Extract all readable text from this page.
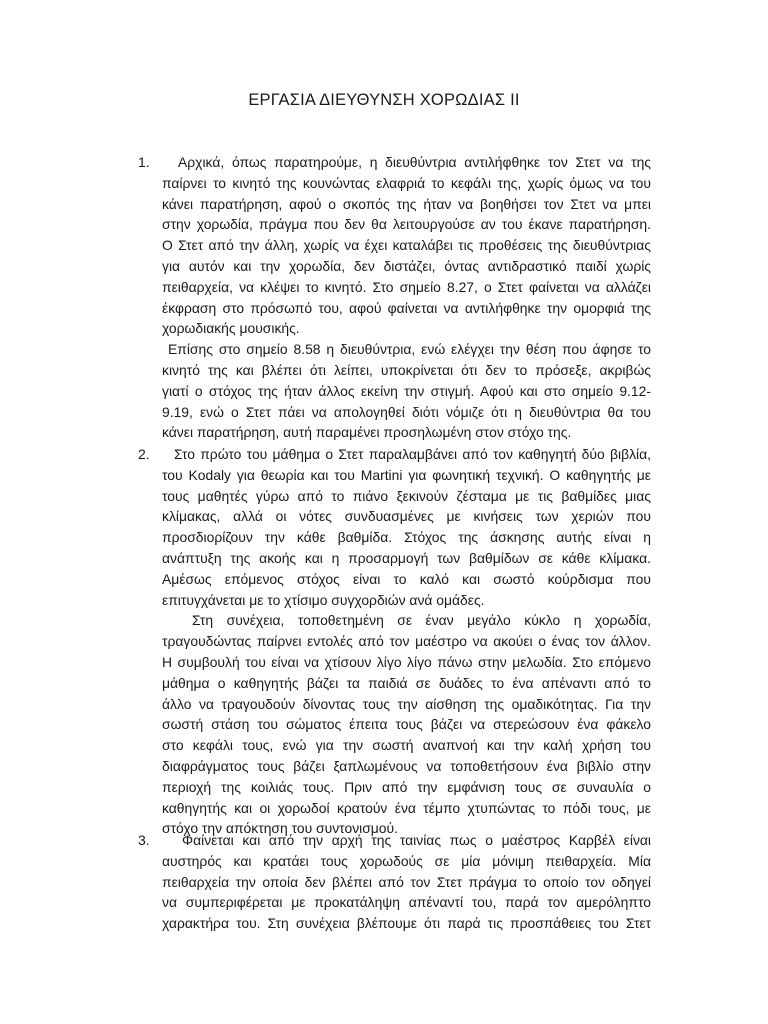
ΕΡΓΑΣΙΑ ΔΙΕΥΘΥΝΣΗ ΧΟΡΩΔΙΑΣ ΙΙ
1.	Αρχικά, όπως παρατηρούμε, η διευθύντρια αντιλήφθηκε τον Στετ να της
παίρνει το κινητό της κουνώντας ελαφριά το κεφάλι της, χωρίς όμως να του
κάνει παρατήρηση, αφού ο σκοπός της ήταν να βοηθήσει τον Στετ να μπει
στην χορωδία, πράγμα που δεν θα λειτουργούσε αν του έκανε παρατήρηση.
Ο Στετ από την άλλη, χωρίς να έχει καταλάβει τις προθέσεις της διευθύντριας
για αυτόν και την χορωδία, δεν διστάζει, όντας αντιδραστικό παιδί χωρίς
πειθαρχεία, να κλέψει το κινητό. Στο σημείο 8.27, ο Στετ φαίνεται να αλλάζει
έκφραση στο πρόσωπό του, αφού φαίνεται να αντιλήφθηκε την ομορφιά της
χορωδιακής μουσικής.
Επίσης στο σημείο 8.58 η διευθύντρια, ενώ ελέγχει την θέση που άφησε το
κινητό της και βλέπει ότι λείπει, υποκρίνεται ότι δεν το πρόσεξε, ακριβώς
γιατί ο στόχος της ήταν άλλος εκείνη την στιγμή. Αφού και στο σημείο 9.12-
9.19, ενώ ο Στετ πάει να απολογηθεί διότι νόμιζε ότι η διευθύντρια θα του
κάνει παρατήρηση, αυτή παραμένει προσηλωμένη στον στόχο της.
2.	Στο πρώτο του μάθημα ο Στετ παραλαμβάνει από τον καθηγητή δύο βιβλία,
του Kodaly για θεωρία και του Martini για φωνητική τεχνική. Ο καθηγητής με
τους μαθητές γύρω από το πιάνο ξεκινούν ζέσταμα με τις βαθμίδες μιας
κλίμακας, αλλά οι νότες συνδυασμένες με κινήσεις των χεριών που
προσδιορίζουν την κάθε βαθμίδα. Στόχος της άσκησης αυτής είναι η
ανάπτυξη της ακοής και η προσαρμογή των βαθμίδων σε κάθε κλίμακα.
Αμέσως επόμενος στόχος είναι το καλό και σωστό κούρδισμα που
επιτυγχάνεται με το χτίσιμο συγχορδιών ανά ομάδες.
Στη συνέχεια, τοποθετημένη σε έναν μεγάλο κύκλο η χορωδία,
τραγουδώντας παίρνει εντολές από τον μαέστρο να ακούει ο ένας τον άλλον.
Η συμβουλή του είναι να χτίσουν λίγο λίγο πάνω στην μελωδία. Στο επόμενο
μάθημα ο καθηγητής βάζει τα παιδιά σε δυάδες το ένα απέναντι από το
άλλο να τραγουδούν δίνοντας τους την αίσθηση της ομαδικότητας. Για την
σωστή στάση του σώματος έπειτα τους βάζει να στερεώσουν ένα φάκελο
στο κεφάλι τους, ενώ για την σωστή αναπνοή και την καλή χρήση του
διαφράγματος τους βάζει ξαπλωμένους να τοποθετήσουν ένα βιβλίο στην
περιοχή της κοιλιάς τους. Πριν από την εμφάνιση τους σε συναυλία ο
καθηγητής και οι χορωδοί κρατούν ένα τέμπο χτυπώντας το πόδι τους, με
στόχο την απόκτηση του συντονισμού.
3.	Φαίνεται και από την αρχή της ταινίας πως ο μαέστρος Καρβέλ είναι
αυστηρός και κρατάει τους χορωδούς σε μία μόνιμη πειθαρχεία. Μία
πειθαρχεία την οποία δεν βλέπει από τον Στετ πράγμα το οποίο τον οδηγεί
να συμπεριφέρεται με προκατάληψη απέναντί του, παρά τον αμερόληπτο
χαρακτήρα του. Στη συνέχεια βλέπουμε ότι παρά τις προσπάθειες του Στετ
